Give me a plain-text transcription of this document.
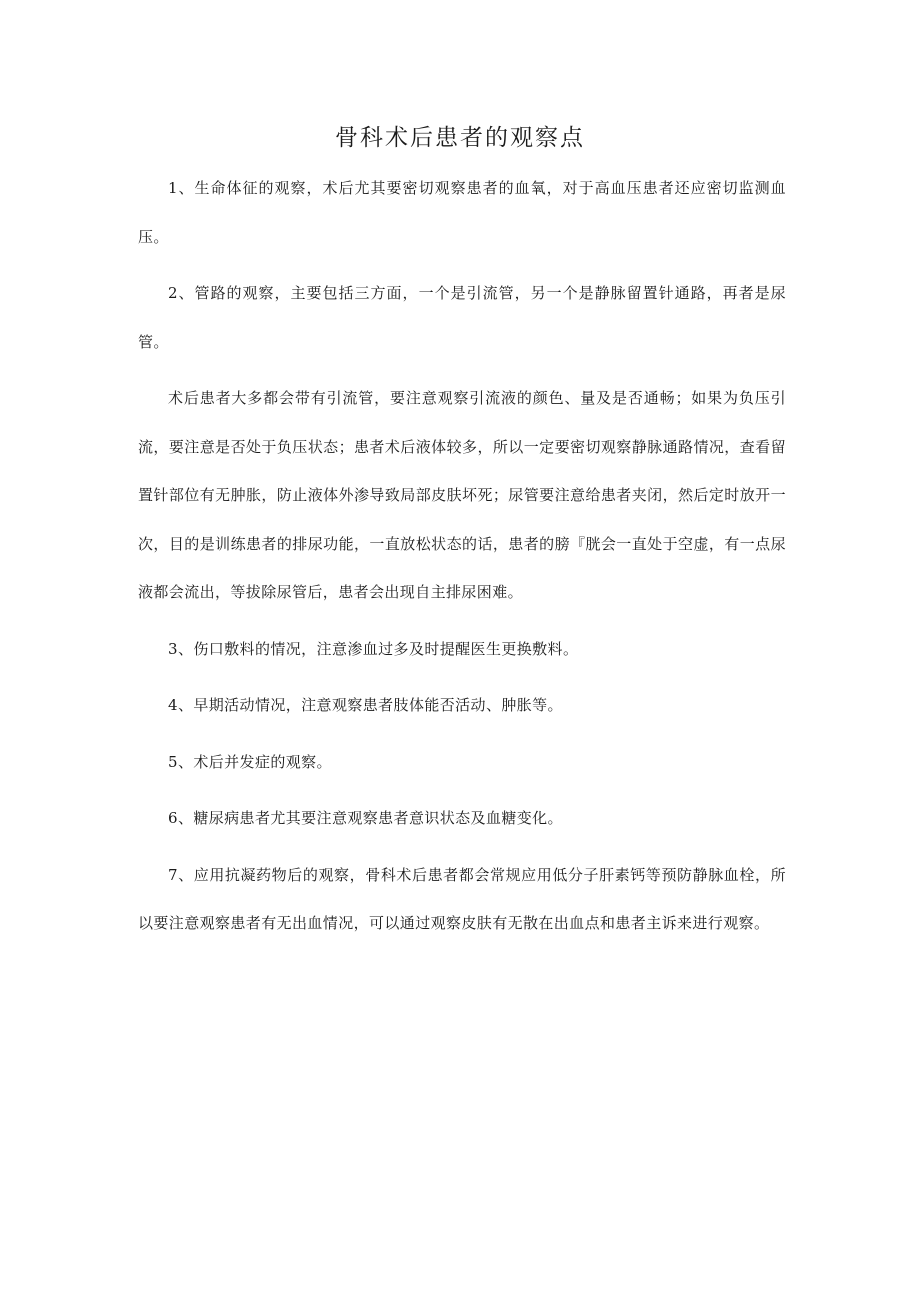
骨科术后患者的观察点

1、生命体征的观察，术后尤其要密切观察患者的血氧，对于高血压患者还应密切监测血压。

2、管路的观察，主要包括三方面，一个是引流管，另一个是静脉留置针通路，再者是尿管。

术后患者大多都会带有引流管，要注意观察引流液的颜色、量及是否通畅；如果为负压引流，要注意是否处于负压状态；患者术后液体较多，所以一定要密切观察静脉通路情况，查看留置针部位有无肿胀，防止液体外渗导致局部皮肤坏死；尿管要注意给患者夹闭，然后定时放开一次，目的是训练患者的排尿功能，一直放松状态的话，患者的膀『胱会一直处于空虚，有一点尿液都会流出，等拔除尿管后，患者会出现自主排尿困难。

3、伤口敷料的情况，注意渗血过多及时提醒医生更换敷料。

4、早期活动情况，注意观察患者肢体能否活动、肿胀等。

5、术后并发症的观察。

6、糖尿病患者尤其要注意观察患者意识状态及血糖变化。

7、应用抗凝药物后的观察，骨科术后患者都会常规应用低分子肝素钙等预防静脉血栓，所以要注意观察患者有无出血情况，可以通过观察皮肤有无散在出血点和患者主诉来进行观察。
